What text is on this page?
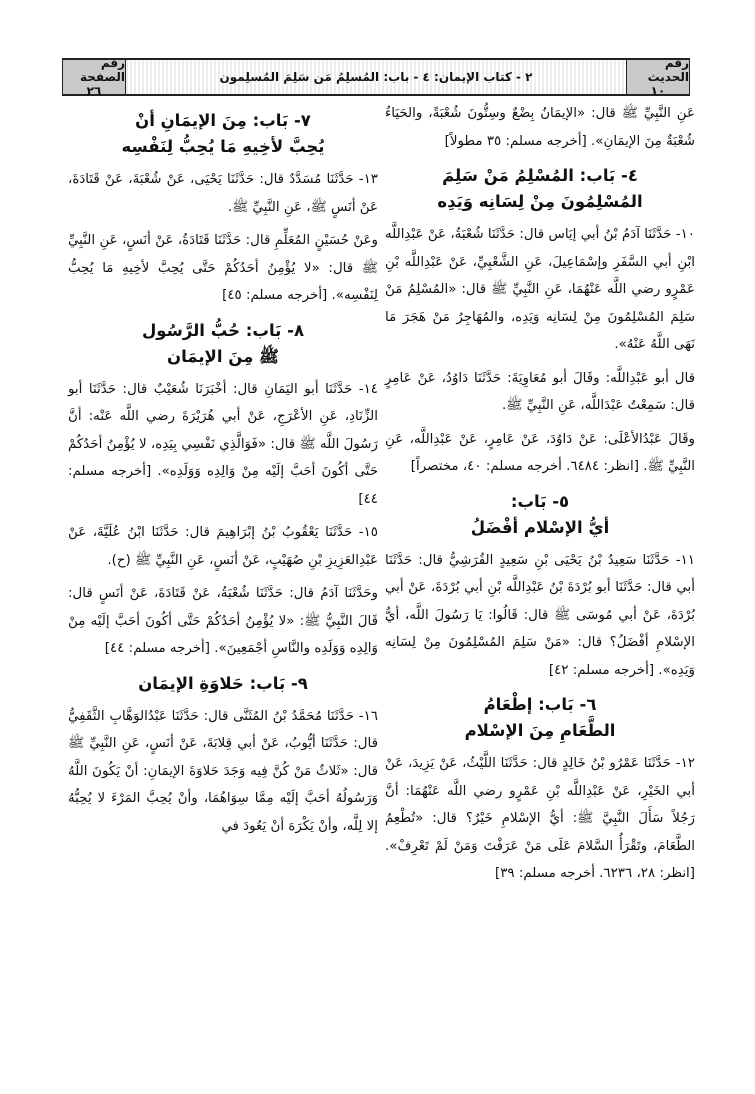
رقم الحديث
١٠
٢ - كتاب الإيمان: ٤ - باب: المُسلِمُ مَن سَلِمَ المُسلِمون
رقم الصفحة
٢٦

عَنِ النَّبِيِّ ﷺ قال: «الإيمَانُ بِضْعٌ وسِتُّونَ شُعْبَةً، والحَيَاءُ شُعْبَةٌ مِنَ الإيمَانِ». [أخرجه مسلم: ٣٥ مطولاً]

٤- بَاب: المُسْلِمُ مَنْ سَلِمَ
المُسْلِمُونَ مِنْ لِسَانِه وَيَدِه

١٠- حَدَّثَنَا آدَمُ بْنُ أبي إيَاس قال: حَدَّثَنَا شُعْبَةُ، عَنْ عَبْدِاللَّه ابْنِ أبي السَّفَرِ وإسْمَاعِيلَ، عَنِ الشَّعْبِيِّ، عَنْ عَبْدِاللَّه بْنِ عَمْرٍو رضي اللَّه عَنْهُمَا، عَنِ النَّبِيِّ ﷺ قال: «المُسْلِمُ مَنْ سَلِمَ المُسْلِمُونَ مِنْ لِسَانِه وَيَدِه، والمُهَاجِرُ مَنْ هَجَرَ مَا نَهَى اللَّهُ عَنْهُ».

قال أبو عَبْدِاللَّه: وقَالَ أبو مُعَاوِيَةَ: حَدَّثَنَا دَاوُدُ، عَنْ عَامِرٍ قال: سَمِعْتُ عَبْدَاللَّه، عَنِ النَّبِيِّ ﷺ.

وقَالَ عَبْدُالأعْلَى: عَنْ دَاوُدَ، عَنْ عَامِرٍ، عَنْ عَبْدِاللَّه، عَنِ النَّبِيِّ ﷺ. [انظر: ٦٤٨٤. أخرجه مسلم: ٤٠، مختصراً]

٥- بَاب:
أيُّ الإسْلام أفْضَلُ

١١- حَدَّثَنَا سَعِيدُ بْنُ يَحْيَى بْنِ سَعِيدٍ القُرَشِيُّ قال: حَدَّثَنَا أبي قال: حَدَّثَنَا أبو بُرْدَةَ بْنُ عَبْدِاللَّه بْنِ أبي بُرْدَةَ، عَنْ أبي بُرْدَةَ، عَنْ أبي مُوسَى ﷺ قال: قَالُوا: يَا رَسُولَ اللَّه، أيُّ الإسْلامِ أفْضَلُ؟ قال: «مَنْ سَلِمَ المُسْلِمُونَ مِنْ لِسَانِه وَيَدِه». [أخرجه مسلم: ٤٢]

٦- بَاب: إطْعَامُ
الطَّعَامِ مِنَ الإسْلام

١٢- حَدَّثَنَا عَمْرُو بْنُ خَالِدٍ قال: حَدَّثَنَا اللَّيْثُ، عَنْ يَزِيدَ، عَنْ أبي الخَيْرِ، عَنْ عَبْدِاللَّه بْنِ عَمْرٍو رضي اللَّه عَنْهُمَا: أنَّ رَجُلاً سَأَلَ النَّبِيَّ ﷺ: أيُّ الإسْلامِ خَيْرٌ؟ قال: «تُطْعِمُ الطَّعَامَ، وتَقْرَأُ السَّلامَ عَلَى مَنْ عَرَفْتَ وَمَنْ لَمْ تَعْرِفْ». [انظر: ٢٨، ٦٢٣٦. أخرجه مسلم: ٣٩]

٧- بَاب: مِنَ الإيمَانِ أنْ
يُحِبَّ لأخِيهِ مَا يُحِبُّ لِنَفْسِه

١٣- حَدَّثَنَا مُسَدَّدٌ قال: حَدَّثَنَا يَحْيَى، عَنْ شُعْبَةَ، عَنْ قَتَادَةَ، عَنْ أنَسٍ ﷺ، عَنِ النَّبِيِّ ﷺ.

وعَنْ حُسَيْنٍ المُعَلِّمِ قال: حَدَّثَنَا قَتَادَةُ، عَنْ أنَسٍ، عَنِ النَّبِيِّ ﷺ قال: «لا يُؤْمِنُ أحَدُكُمْ حَتَّى يُحِبَّ لأخِيهِ مَا يُحِبُّ لِنَفْسِه». [أخرجه مسلم: ٤٥]

٨- بَاب: حُبُّ الرَّسُول
ﷺ مِنَ الإيمَان

١٤- حَدَّثَنَا أبو اليَمَانِ قال: أخْبَرَنَا شُعَيْبٌ قال: حَدَّثَنَا أبو الزِّنَادِ، عَنِ الأعْرَجِ، عَنْ أبي هُرَيْرَةَ رضي اللَّه عَنْه: أنَّ رَسُولَ اللَّه ﷺ قال: «فَوَالَّذِي نَفْسِي بِيَدِه، لا يُؤْمِنُ أحَدُكُمْ حَتَّى أكُونَ أحَبَّ إلَيْه مِنْ وَالِدِه وَوَلَدِه». [أخرجه مسلم: ٤٤]

١٥- حَدَّثَنَا يَعْقُوبُ بْنُ إبْرَاهِيمَ قال: حَدَّثَنَا ابْنُ عُلَيَّةَ، عَنْ عَبْدِالعَزِيزِ بْنِ صُهَيْبٍ، عَنْ أنَسٍ، عَنِ النَّبِيِّ ﷺ (ح).

وحَدَّثَنَا آدَمُ قال: حَدَّثَنَا شُعْبَةُ، عَنْ قَتَادَةَ، عَنْ أنَسٍ قال: قَالَ النَّبِيُّ ﷺ: «لا يُؤْمِنُ أحَدُكُمْ حَتَّى أكُونَ أحَبَّ إلَيْه مِنْ وَالِدِه وَوَلَدِه والنَّاسِ أجْمَعِينَ». [أخرجه مسلم: ٤٤]

٩- بَاب: حَلاوَةِ الإيمَان

١٦- حَدَّثَنَا مُحَمَّدُ بْنُ المُثَنَّى قال: حَدَّثَنَا عَبْدُالوَهَّابِ الثَّقَفِيُّ قال: حَدَّثَنَا أيُّوبُ، عَنْ أبي قِلابَةَ، عَنْ أنَسٍ، عَنِ النَّبِيِّ ﷺ قال: «ثَلاثٌ مَنْ كُنَّ فِيه وَجَدَ حَلاوَةَ الإيمَانِ: أنْ يَكُونَ اللَّهُ وَرَسُولُهُ أحَبَّ إلَيْه مِمَّا سِوَاهُمَا، وأنْ يُحِبَّ المَرْءَ لا يُحِبُّهُ إلا لِلَّه، وأنْ يَكْرَهَ أنْ يَعُودَ في
